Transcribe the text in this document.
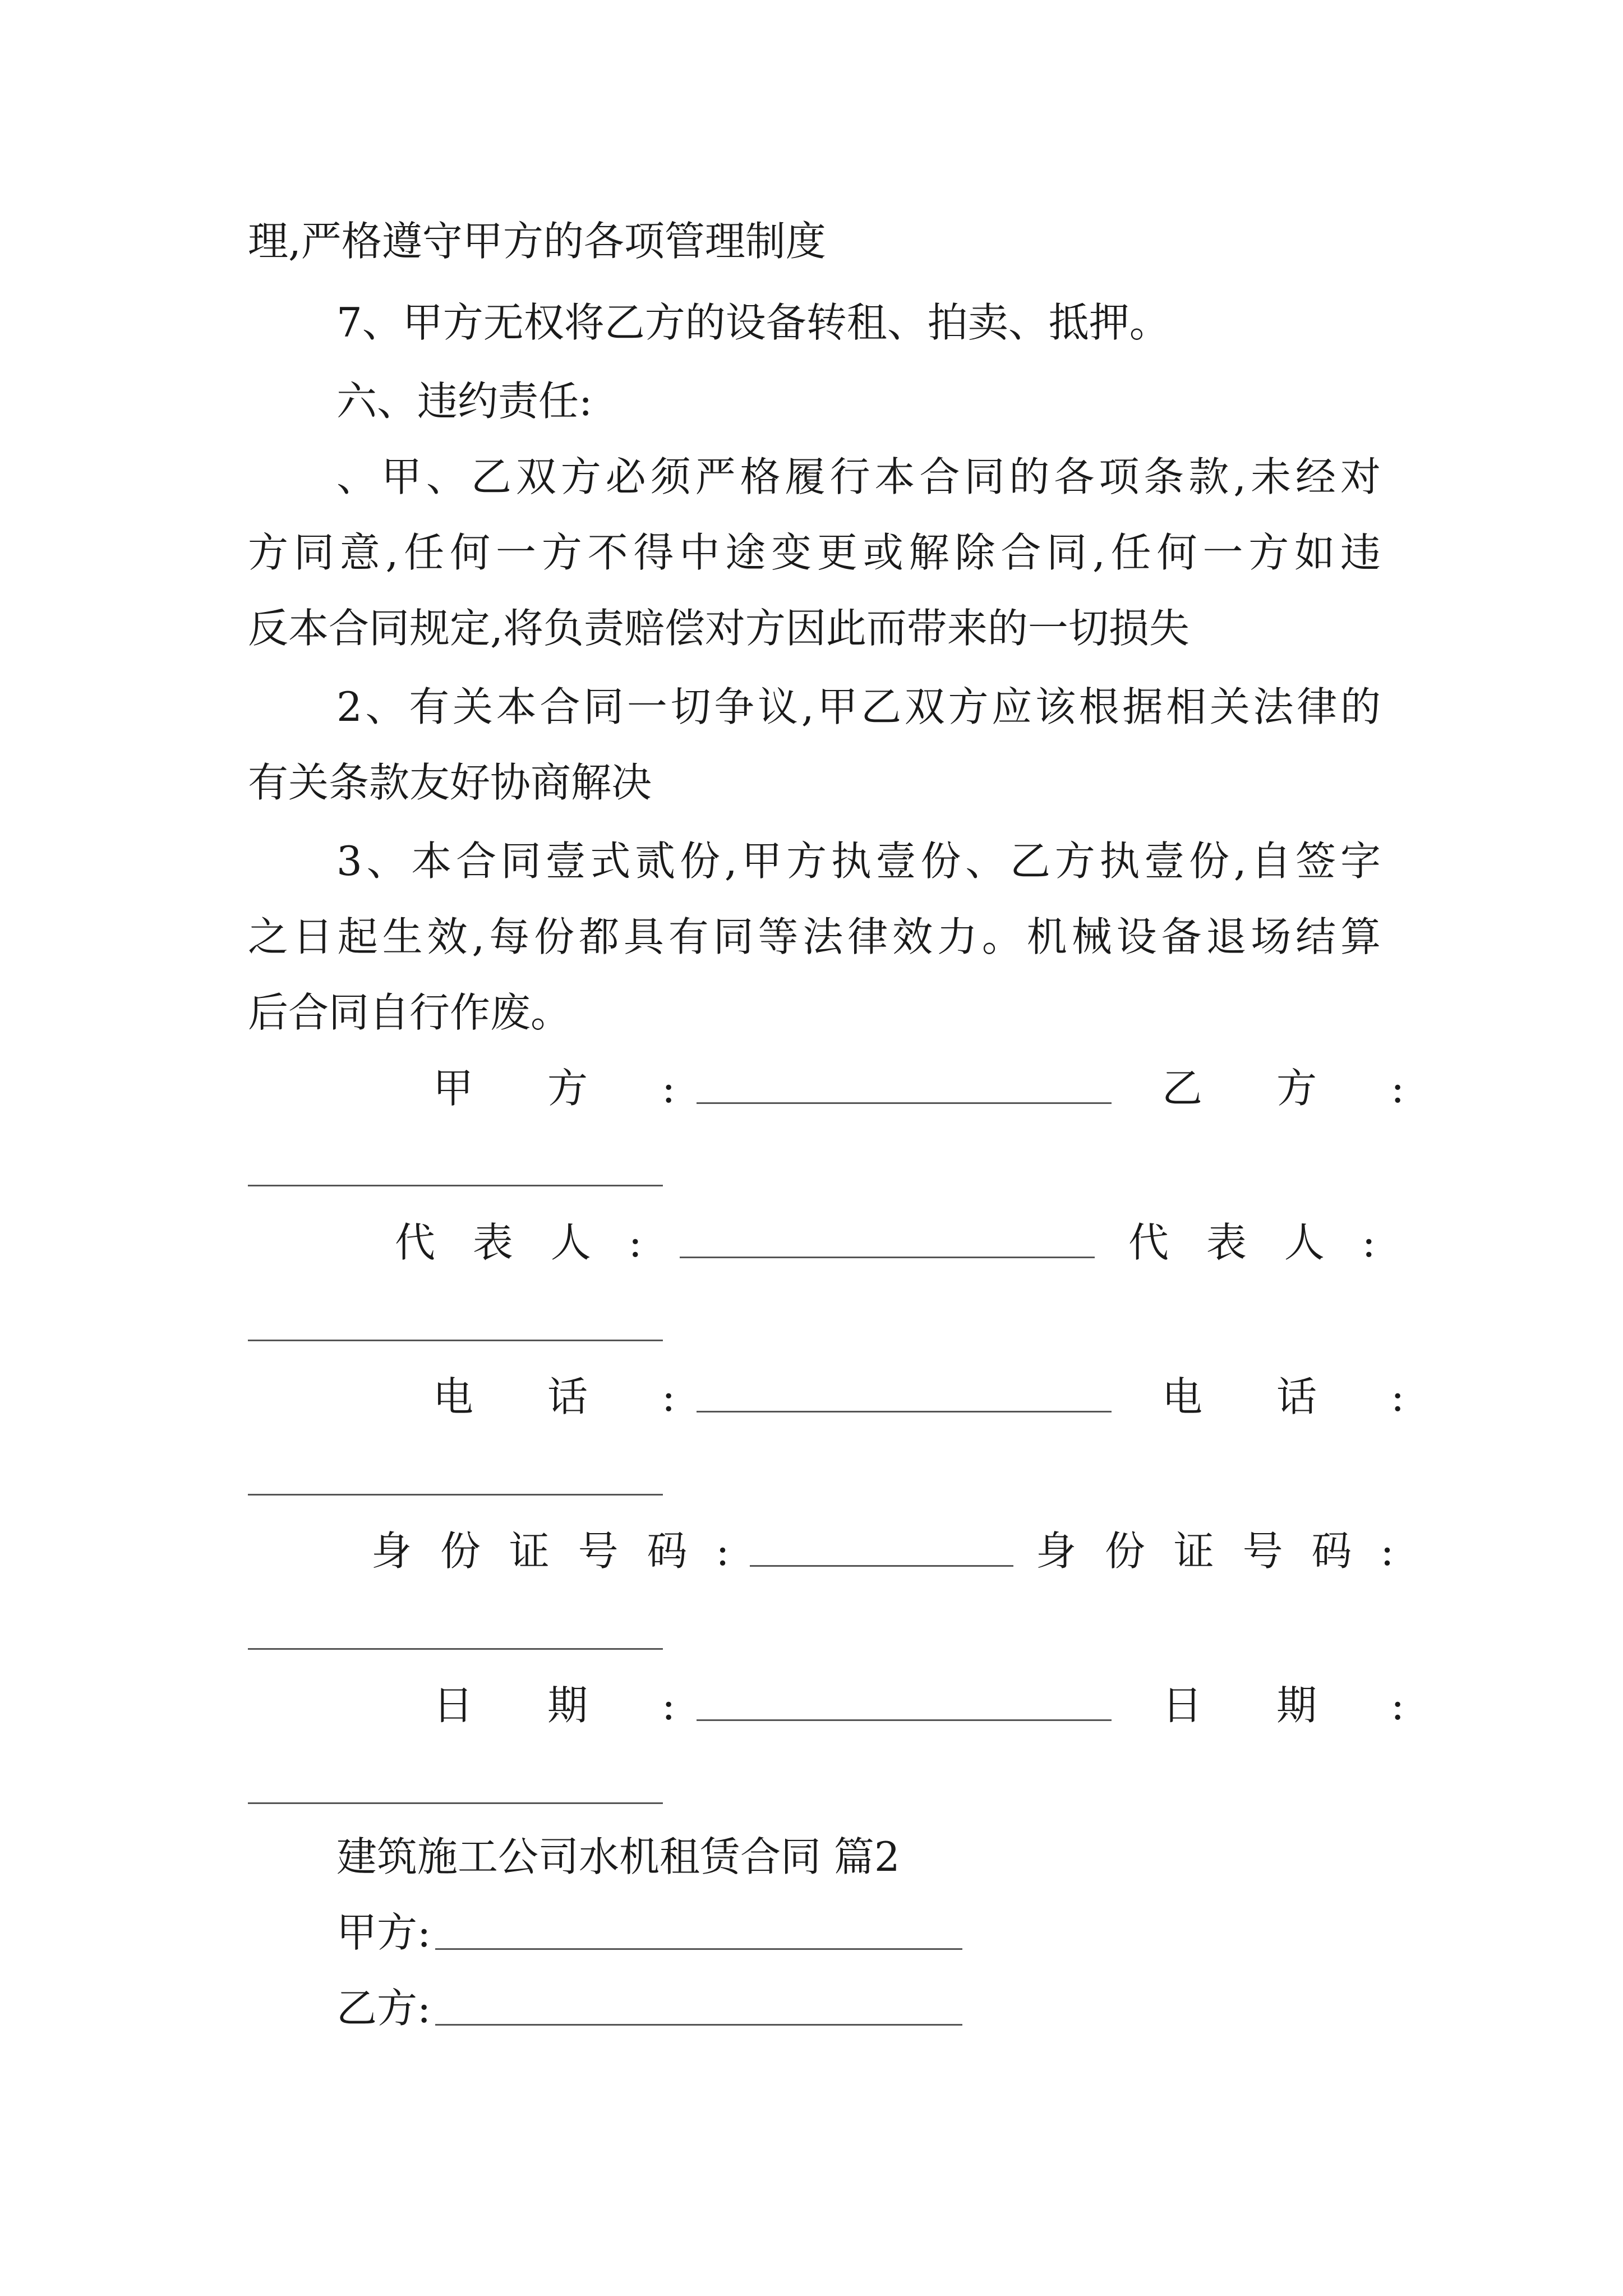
理,严格遵守甲方的各项管理制度
7、甲方无权将乙方的设备转租、拍卖、抵押。
六、违约责任:
、甲、乙双方必须严格履行本合同的各项条款,未经对
方同意,任何一方不得中途变更或解除合同,任何一方如违
反本合同规定,将负责赔偿对方因此而带来的一切损失
2、有关本合同一切争议,甲乙双方应该根据相关法律的
有关条款友好协商解决
3、本合同壹式贰份,甲方执壹份、乙方执壹份,自签字
之日起生效,每份都具有同等法律效力。机械设备退场结算
后合同自行作废。
甲　方　:	乙　方　:
代 表 人 :	代 表 人 :
电　话　:	电　话　:
身 份 证 号 码 :	身 份 证 号 码 :
日　期　:	日　期　:
建筑施工公司水机租赁合同 篇2
甲方:
乙方:
